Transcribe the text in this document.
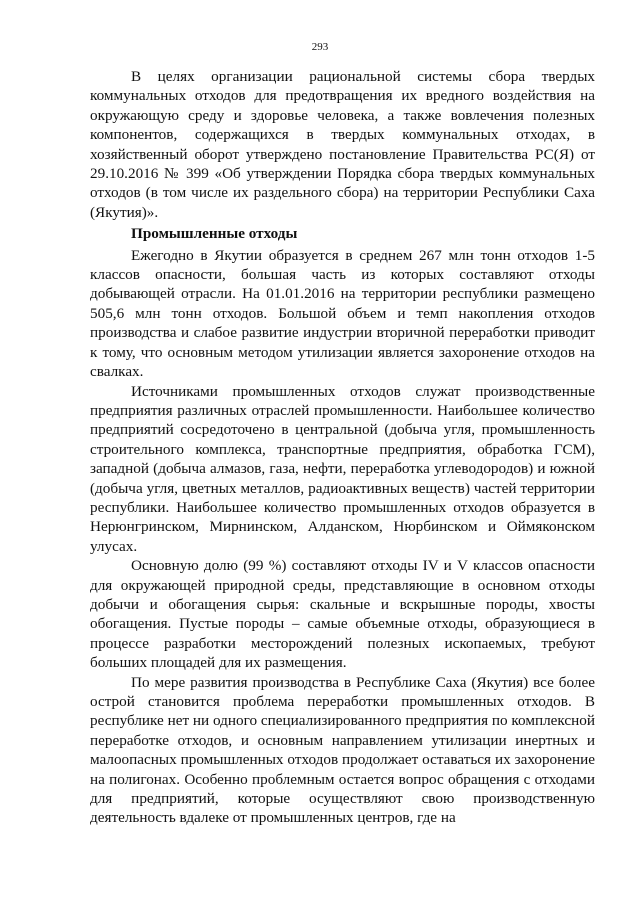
293

В целях организации рациональной системы сбора твердых коммунальных отходов для предотвращения их вредного воздействия на окружающую среду и здоровье человека, а также вовлечения полезных компонентов, содержащихся в твердых коммунальных отходах, в хозяйственный оборот утверждено постановление Правительства РС(Я) от 29.10.2016 № 399 «Об утверждении Порядка сбора твердых коммунальных отходов (в том числе их раздельного сбора) на территории Республики Саха (Якутия)».

Промышленные отходы

Ежегодно в Якутии образуется в среднем 267 млн тонн отходов 1-5 классов опасности, большая часть из которых составляют отходы добывающей отрасли. На 01.01.2016 на территории республики размещено 505,6 млн тонн отходов. Большой объем и темп накопления отходов производства и слабое развитие индустрии вторичной переработки приводит к тому, что основным методом утилизации является захоронение отходов на свалках.

Источниками промышленных отходов служат производственные предприятия различных отраслей промышленности. Наибольшее количество предприятий сосредоточено в центральной (добыча угля, промышленность строительного комплекса, транспортные предприятия, обработка ГСМ), западной (добыча алмазов, газа, нефти, переработка углеводородов) и южной (добыча угля, цветных металлов, радиоактивных веществ) частей территории республики. Наибольшее количество промышленных отходов образуется в Нерюнгринском, Мирнинском, Алданском, Нюрбинском и Оймяконском улусах.

Основную долю (99 %) составляют отходы IV и V классов опасности для окружающей природной среды, представляющие в основном отходы добычи и обогащения сырья: скальные и вскрышные породы, хвосты обогащения. Пустые породы – самые объемные отходы, образующиеся в процессе разработки месторождений полезных ископаемых, требуют больших площадей для их размещения.

По мере развития производства в Республике Саха (Якутия) все более острой становится проблема переработки промышленных отходов. В республике нет ни одного специализированного предприятия по комплексной переработке отходов, и основным направлением утилизации инертных и малоопасных промышленных отходов продолжает оставаться их захоронение на полигонах. Особенно проблемным остается вопрос обращения с отходами для предприятий, которые осуществляют свою производственную деятельность вдалеке от промышленных центров, где на
